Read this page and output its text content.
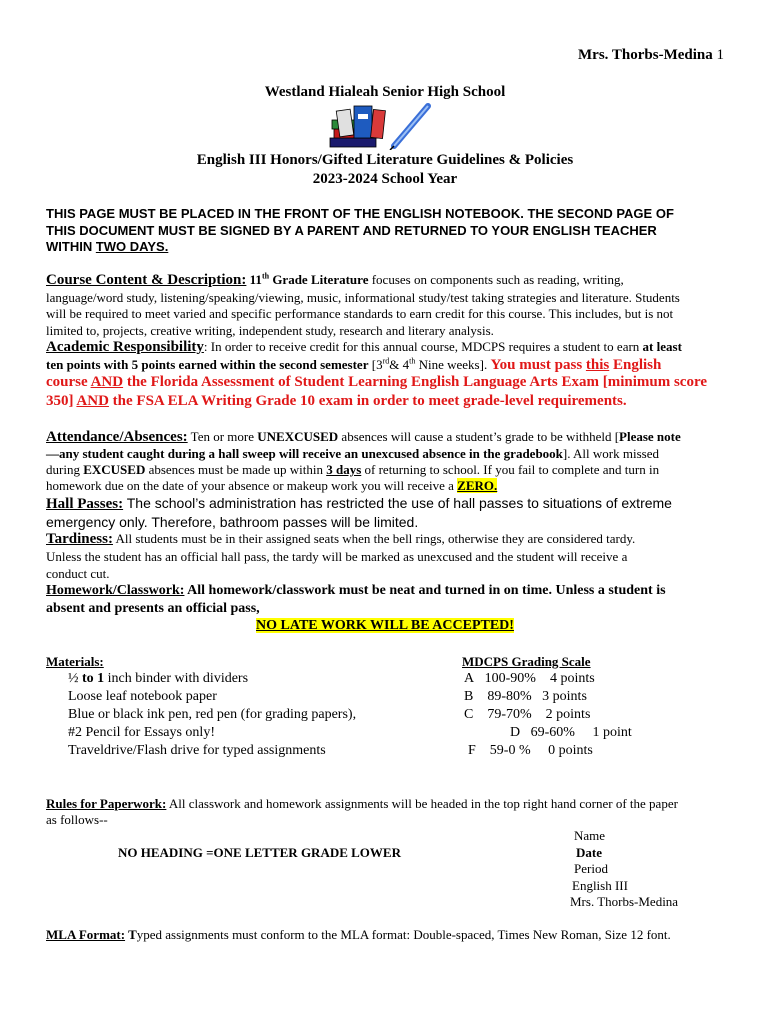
Mrs. Thorbs-Medina 1
Westland Hialeah Senior High School
English III Honors/Gifted Literature Guidelines & Policies
2023-2024 School Year
THIS PAGE MUST BE PLACED IN THE FRONT OF THE ENGLISH NOTEBOOK. THE SECOND PAGE OF
THIS DOCUMENT MUST BE SIGNED BY A PARENT AND RETURNED TO YOUR ENGLISH TEACHER
WITHIN TWO DAYS.
Course Content & Description: 11th Grade Literature focuses on components such as reading, writing,
language/word study, listening/speaking/viewing, music, informational study/test taking strategies and literature. Students
will be required to meet varied and specific performance standards to earn credit for this course. This includes, but is not
limited to, projects, creative writing, independent study, research and literary analysis.
Academic Responsibility: In order to receive credit for this annual course, MDCPS requires a student to earn at least
ten points with 5 points earned within the second semester [3rd& 4th Nine weeks]. You must pass this English
course AND the Florida Assessment of Student Learning English Language Arts Exam [minimum score
350] AND the FSA ELA Writing Grade 10 exam in order to meet grade-level requirements.
Attendance/Absences: Ten or more UNEXCUSED absences will cause a student’s grade to be withheld [Please note
—any student caught during a hall sweep will receive an unexcused absence in the gradebook]. All work missed
during EXCUSED absences must be made up within 3 days of returning to school. If you fail to complete and turn in
homework due on the date of your absence or makeup work you will receive a ZERO.
Hall Passes: The school’s administration has restricted the use of hall passes to situations of extreme
emergency only. Therefore, bathroom passes will be limited.
Tardiness: All students must be in their assigned seats when the bell rings, otherwise they are considered tardy.
Unless the student has an official hall pass, the tardy will be marked as unexcused and the student will receive a
conduct cut.
Homework/Classwork: All homework/classwork must be neat and turned in on time. Unless a student is
absent and presents an official pass,
NO LATE WORK WILL BE ACCEPTED!
Materials:
½ to 1 inch binder with dividers
Loose leaf notebook paper
Blue or black ink pen, red pen (for grading papers),
#2 Pencil for Essays only!
Traveldrive/Flash drive for typed assignments
MDCPS Grading Scale
A 100-90% 4 points
B 89-80% 3 points
C 79-70% 2 points
D 69-60% 1 point
F 59-0 % 0 points
Rules for Paperwork: All classwork and homework assignments will be headed in the top right hand corner of the paper
as follows--
NO HEADING =ONE LETTER GRADE LOWER
Name
Date
Period
English III
Mrs. Thorbs-Medina
MLA Format: Typed assignments must conform to the MLA format: Double-spaced, Times New Roman, Size 12 font.
